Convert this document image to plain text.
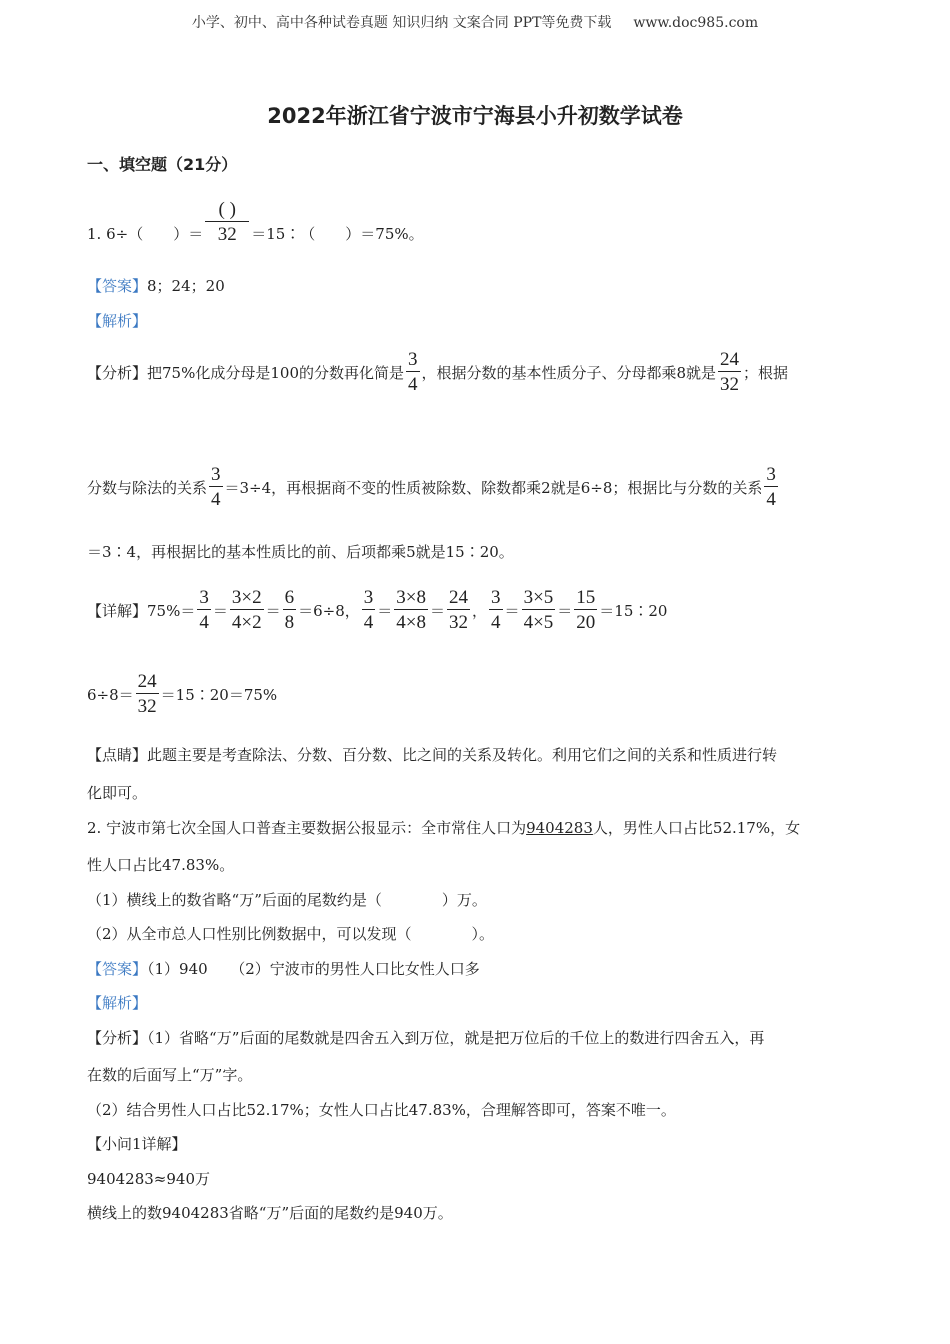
小学、初中、高中各种试卷真题 知识归纳 文案合同 PPT等免费下载 www.doc985.com
2022年浙江省宁波市宁海县小升初数学试卷
一、填空题（21分）
1. 6÷（　　）＝ $\frac{( )}{32}$ ＝15∶（　　）＝75%。
【答案】8；24；20
【解析】
【分析】 把75%化成分母是100的分数再化简是 $\frac{3}{4}$ ，根据分数的基本性质分子、分母都乘8就是 $\frac{24}{32}$ ；根据
分数与除法的关系 $\frac{3}{4} =3\div 4$，再根据商不变的性质被除数、除数都乘2就是6÷8；根据比与分数的关系 $\frac{3}{4}$
＝3∶4，再根据比的基本性质比的前、后项都乘5就是15∶20。
【详解】 $75\%= \frac{3}{4} = \frac{3\times 2}{4\times 2} = \frac{6}{8} =6\div 8$ ， $\frac{3}{4} = \frac{3\times 8}{4\times 8} = \frac{24}{32}$ ， $\frac{3}{4} = \frac{3\times 5}{4\times 5} = \frac{15}{20}$ ＝15∶20
$6\div 8= \frac{24}{32}$ ＝15∶20＝75%
【点睛】此题主要是考查除法、分数、百分数、比之间的关系及转化。利用它们之间的关系和性质进行转
化即可。
2. 宁波市第七次全国人口普查主要数据公报显示：全市常住人口为9404283人，男性人口占比52.17%，女
性人口占比47.83%。
（1）横线上的数省略“万”后面的尾数约是（　　　　）万。
（2）从全市总人口性别比例数据中，可以发现（　　　　）。
【答案】（1）940　　（2）宁波市的男性人口比女性人口多
【解析】
【分析】（1）省略“万”后面的尾数就是四舍五入到万位，就是把万位后的千位上的数进行四舍五入，再
在数的后面写上“万”字。
（2）结合男性人口占比52.17%；女性人口占比47.83%，合理解答即可，答案不唯一。
【小问1详解】
9404283≈940万
横线上的数9404283省略“万”后面的尾数约是940万。
